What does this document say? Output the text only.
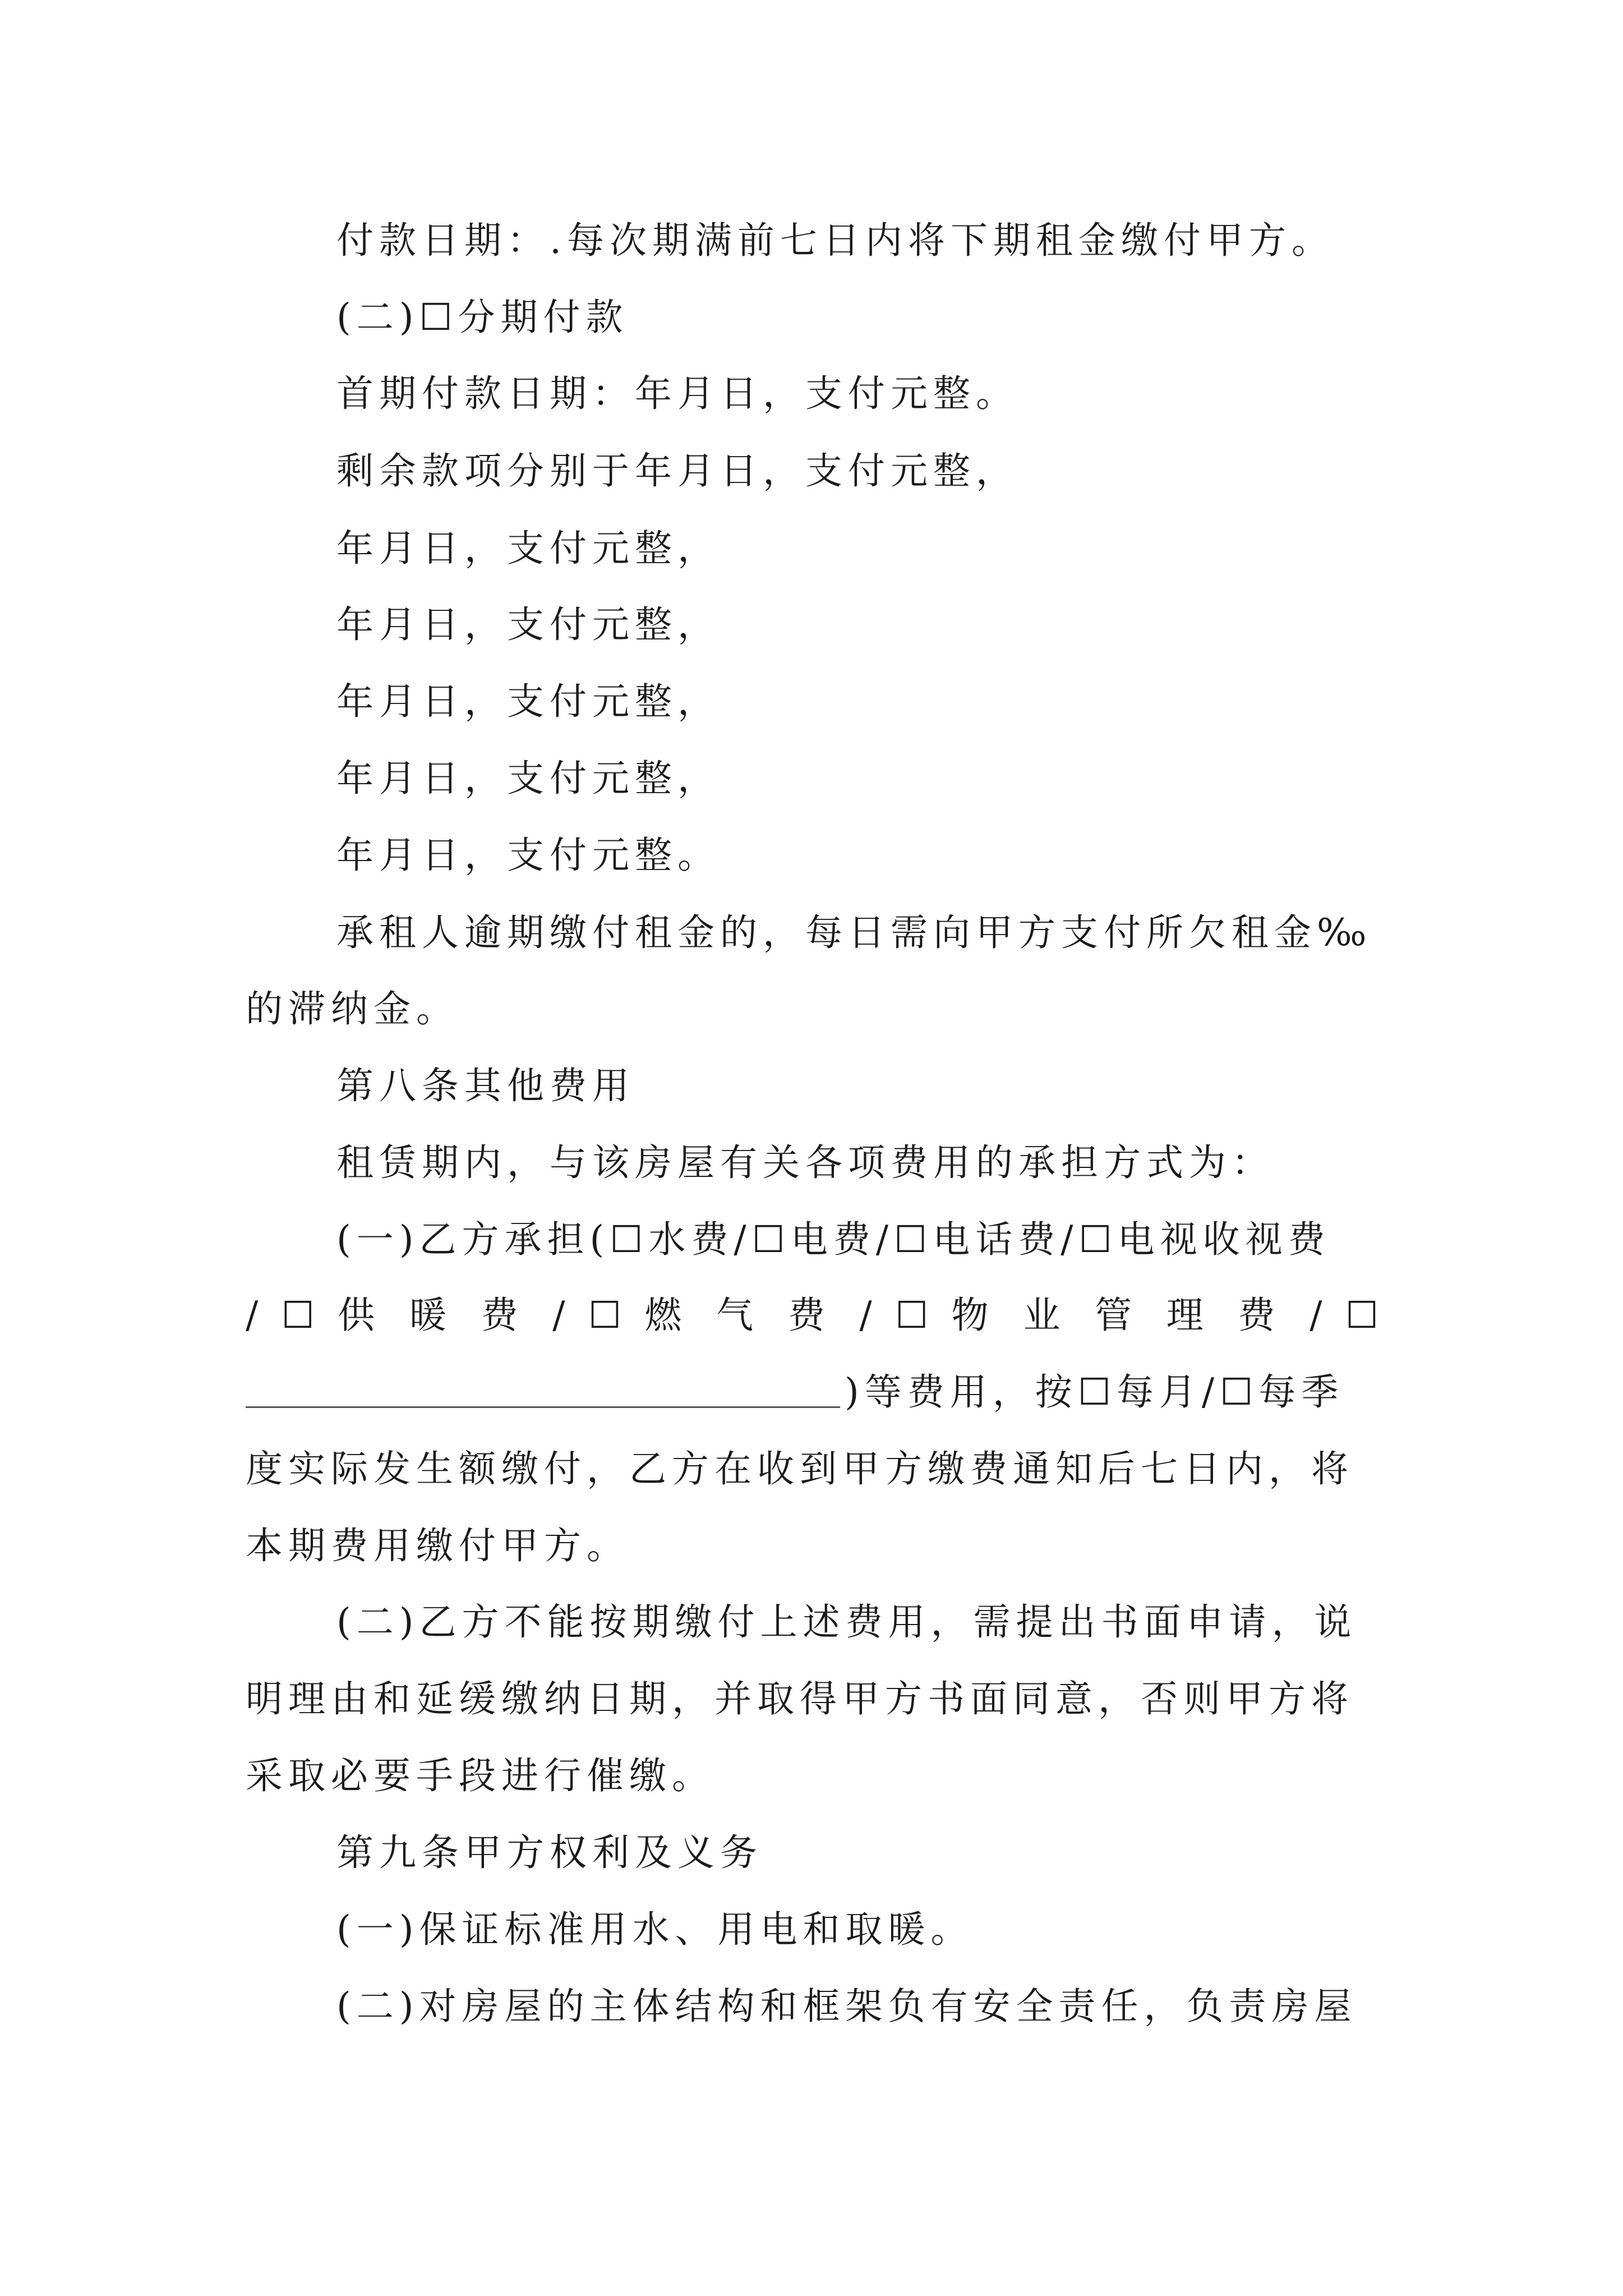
付款日期：.每次期满前七日内将下期租金缴付甲方。

(二)☐分期付款

首期付款日期：年月日，支付元整。

剩余款项分别于年月日，支付元整，

年月日，支付元整，

年月日，支付元整，

年月日，支付元整，

年月日，支付元整，

年月日，支付元整。

承租人逾期缴付租金的，每日需向甲方支付所欠租金‰

的滞纳金。

第八条其他费用

租赁期内，与该房屋有关各项费用的承担方式为：

(一)乙方承担(☐水费/☐电费/☐电话费/☐电视收视费

/ ☐ 供 暖 费 / ☐ 燃 气 费 / ☐ 物 业 管 理 费 / ☐

)等费用，按☐每月/☐每季

度实际发生额缴付，乙方在收到甲方缴费通知后七日内，将

本期费用缴付甲方。

(二)乙方不能按期缴付上述费用，需提出书面申请，说

明理由和延缓缴纳日期，并取得甲方书面同意，否则甲方将

采取必要手段进行催缴。

第九条甲方权利及义务

(一)保证标准用水、用电和取暖。

(二)对房屋的主体结构和框架负有安全责任，负责房屋
